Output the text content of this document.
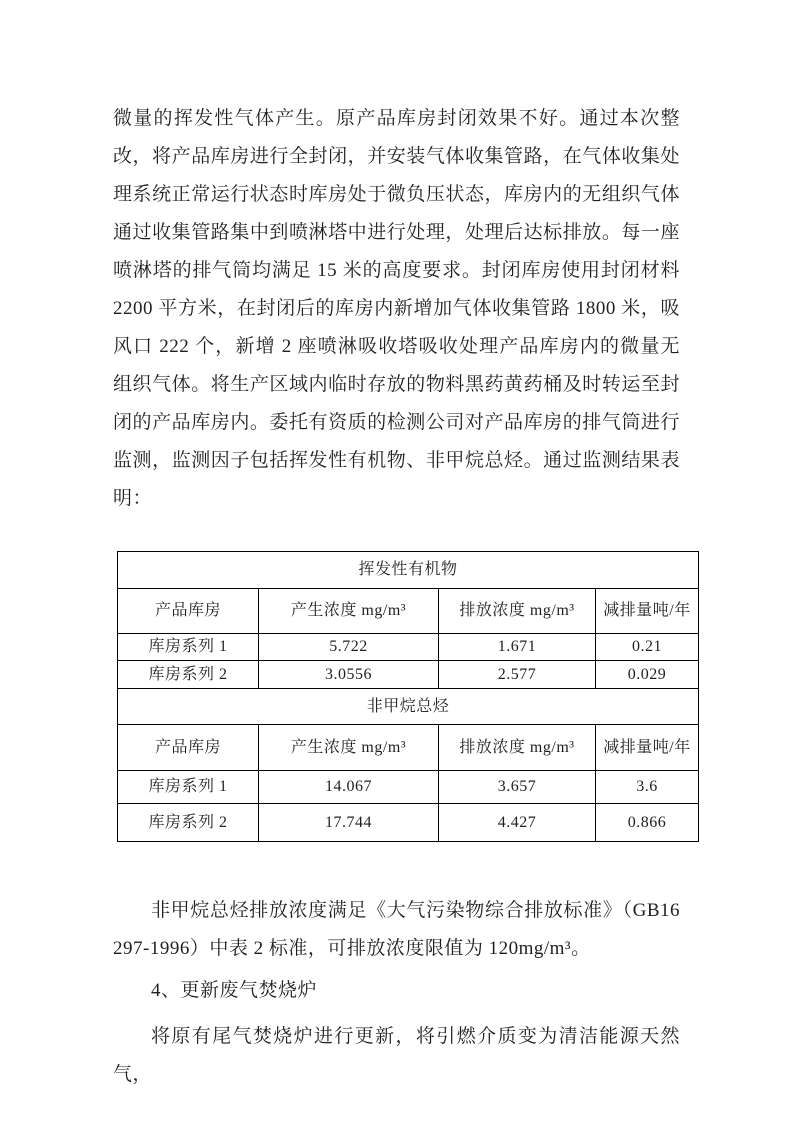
微量的挥发性气体产生。原产品库房封闭效果不好。通过本次整改，将产品库房进行全封闭，并安装气体收集管路，在气体收集处理系统正常运行状态时库房处于微负压状态，库房内的无组织气体通过收集管路集中到喷淋塔中进行处理，处理后达标排放。每一座喷淋塔的排气筒均满足 15 米的高度要求。封闭库房使用封闭材料 2200 平方米，在封闭后的库房内新增加气体收集管路 1800 米，吸风口 222 个，新增 2 座喷淋吸收塔吸收处理产品库房内的微量无组织气体。将生产区域内临时存放的物料黑药黄药桶及时转运至封闭的产品库房内。委托有资质的检测公司对产品库房的排气筒进行监测，监测因子包括挥发性有机物、非甲烷总烃。通过监测结果表明：

挥发性有机物			
产品库房	产生浓度 mg/m³	排放浓度 mg/m³	减排量吨/年
库房系列 1	5.722	1.671	0.21
库房系列 2	3.0556	2.577	0.029
非甲烷总烃			
产品库房	产生浓度 mg/m³	排放浓度 mg/m³	减排量吨/年
库房系列 1	14.067	3.657	3.6
库房系列 2	17.744	4.427	0.866

非甲烷总烃排放浓度满足《大气污染物综合排放标准》（GB16297-1996）中表 2 标准，可排放浓度限值为 120mg/m³。

4、更新废气焚烧炉

将原有尾气焚烧炉进行更新，将引燃介质变为清洁能源天然气，
